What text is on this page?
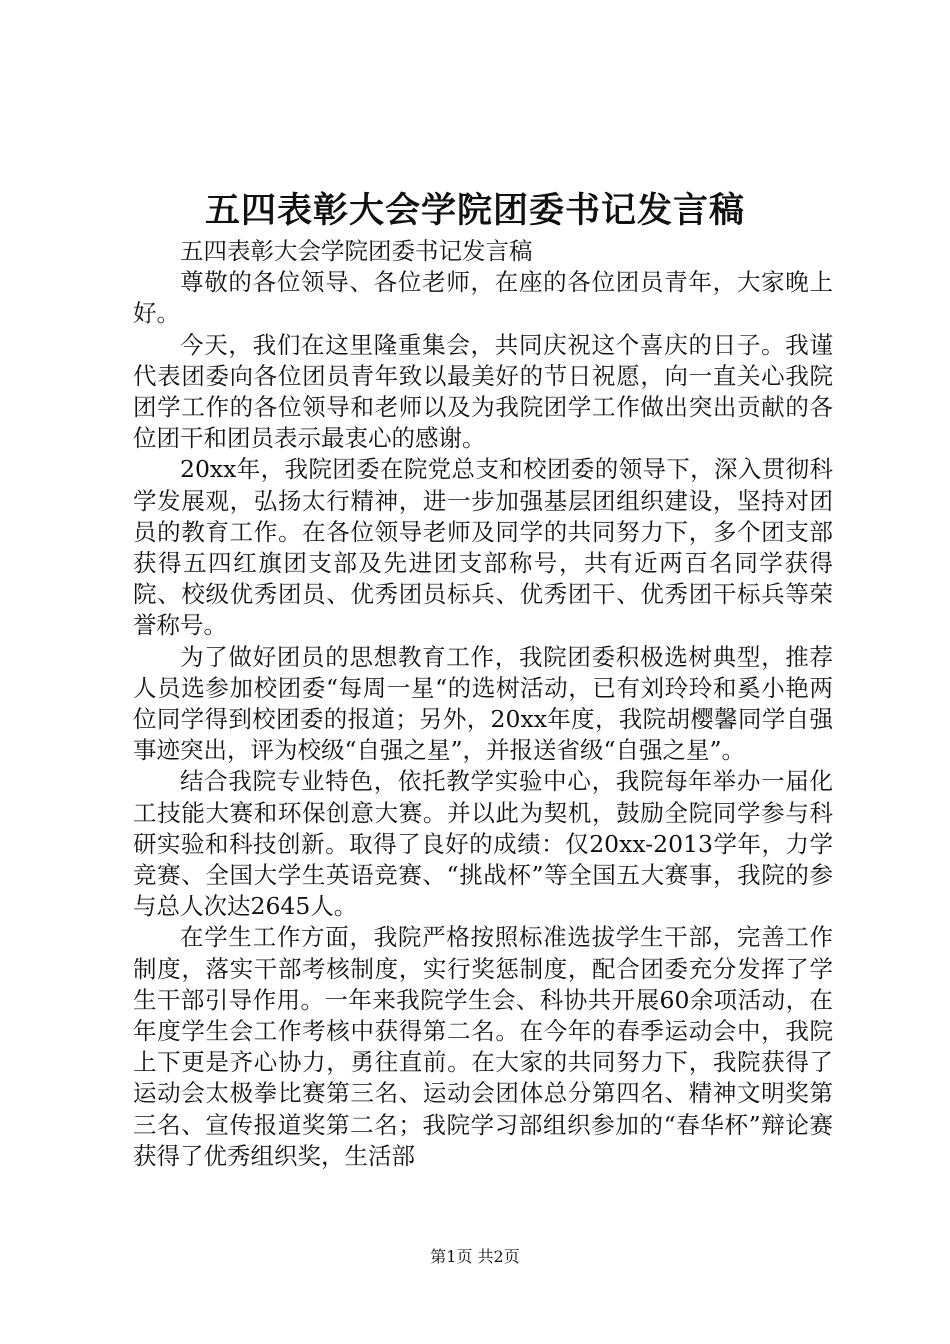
五四表彰大会学院团委书记发言稿

五四表彰大会学院团委书记发言稿

尊敬的各位领导、各位老师，在座的各位团员青年，大家晚上好。

今天，我们在这里隆重集会，共同庆祝这个喜庆的日子。我谨代表团委向各位团员青年致以最美好的节日祝愿，向一直关心我院团学工作的各位领导和老师以及为我院团学工作做出突出贡献的各位团干和团员表示最衷心的感谢。

20xx年，我院团委在院党总支和校团委的领导下，深入贯彻科学发展观，弘扬太行精神，进一步加强基层团组织建设，坚持对团员的教育工作。在各位领导老师及同学的共同努力下，多个团支部获得五四红旗团支部及先进团支部称号，共有近两百名同学获得院、校级优秀团员、优秀团员标兵、优秀团干、优秀团干标兵等荣誉称号。

为了做好团员的思想教育工作，我院团委积极选树典型，推荐人员选参加校团委“每周一星“的选树活动，已有刘玲玲和奚小艳两位同学得到校团委的报道；另外，20xx年度，我院胡樱馨同学自强事迹突出，评为校级“自强之星”，并报送省级“自强之星”。

结合我院专业特色，依托教学实验中心，我院每年举办一届化工技能大赛和环保创意大赛。并以此为契机，鼓励全院同学参与科研实验和科技创新。取得了良好的成绩：仅20xx-2013学年，力学竞赛、全国大学生英语竞赛、“挑战杯”等全国五大赛事，我院的参与总人次达2645人。

在学生工作方面，我院严格按照标准选拔学生干部，完善工作制度，落实干部考核制度，实行奖惩制度，配合团委充分发挥了学生干部引导作用。一年来我院学生会、科协共开展60余项活动，在年度学生会工作考核中获得第二名。在今年的春季运动会中，我院上下更是齐心协力，勇往直前。在大家的共同努力下，我院获得了运动会太极拳比赛第三名、运动会团体总分第四名、精神文明奖第三名、宣传报道奖第二名；我院学习部组织参加的“春华杯”辩论赛获得了优秀组织奖，生活部

第1页 共2页
